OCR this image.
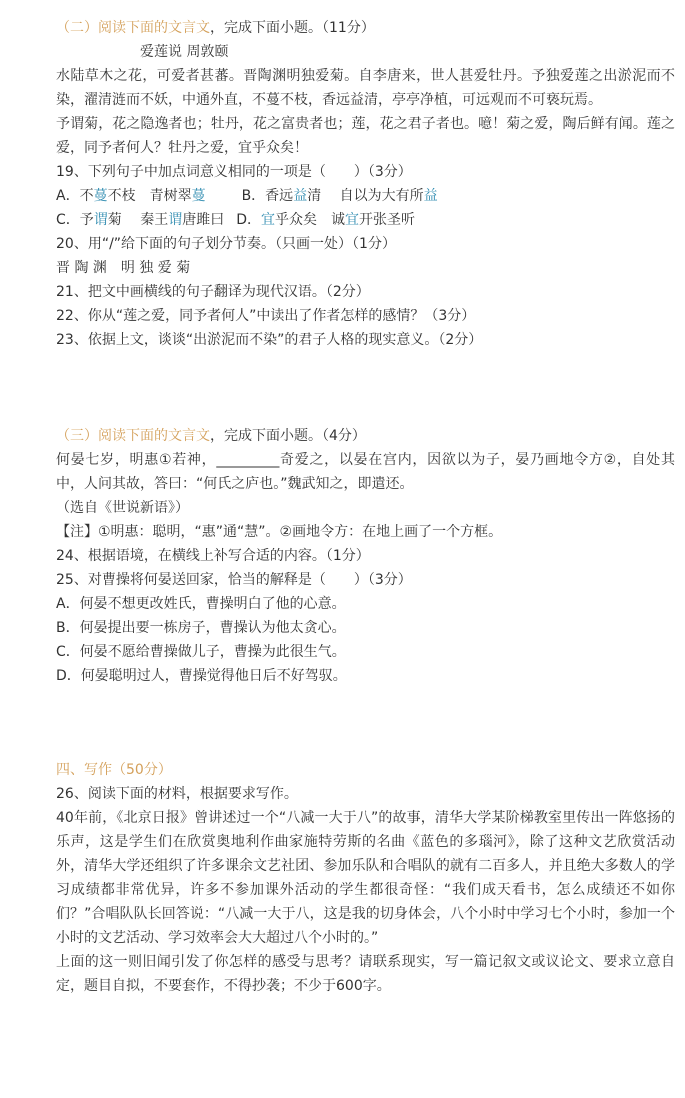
（二）阅读下面的文言文，完成下面小题。（11分）
爱莲说 周敦颐
水陆草木之花，可爱者甚蕃。晋陶渊明独爱菊。自李唐来，世人甚爱牡丹。予独爱莲之出淤泥而不染，濯清涟而不妖，中通外直，不蔓不枝，香远益清，亭亭净植，可远观而不可亵玩焉。
予谓菊，花之隐逸者也；牡丹，花之富贵者也；莲，花之君子者也。噫！菊之爱，陶后鲜有闻。莲之爱，同予者何人？牡丹之爱，宜乎众矣！
19、下列句子中加点词意义相同的一项是（　　）（3分）
A．不蔓不枝　青树翠蔓	B．香远益清　 自以为大有所益
C．予谓菊　 秦王谓唐雎曰 D．宜乎众矣　诚宜开张圣听
20、用“/”给下面的句子划分节奏。（只画一处）（1分）
晋 陶 渊　明 独 爱 菊
21、把文中画横线的句子翻译为现代汉语。（2分）
22、你从“莲之爱，同予者何人”中读出了作者怎样的感情？（3分）
23、依据上文，谈谈“出淤泥而不染”的君子人格的现实意义。（2分）
（三）阅读下面的文言文，完成下面小题。（4分）
何晏七岁，明惠①若神，_________奇爱之，以晏在宫内，因欲以为子，晏乃画地令方②，自处其中，人问其故，答曰：“何氏之庐也。”魏武知之，即遣还。
（选自《世说新语》）
【注】①明惠：聪明，“惠”通“慧”。②画地令方：在地上画了一个方框。
24、根据语境，在横线上补写合适的内容。（1分）
25、对曹操将何晏送回家，恰当的解释是（　　）（3分）
A．何晏不想更改姓氏，曹操明白了他的心意。
B．何晏提出要一栋房子，曹操认为他太贪心。
C．何晏不愿给曹操做儿子，曹操为此很生气。
D．何晏聪明过人，曹操觉得他日后不好驾驭。
四、写作（50分）
26、阅读下面的材料，根据要求写作。
40年前，《北京日报》曾讲述过一个“八减一大于八”的故事，清华大学某阶梯教室里传出一阵悠扬的乐声，这是学生们在欣赏奥地利作曲家施特劳斯的名曲《蓝色的多瑙河》，除了这种文艺欣赏活动外，清华大学还组织了许多课余文艺社团、参加乐队和合唱队的就有二百多人，并且绝大多数人的学习成绩都非常优异，许多不参加课外活动的学生都很奇怪：“我们成天看书，怎么成绩还不如你们？”合唱队队长回答说：“八减一大于八，这是我的切身体会，八个小时中学习七个小时，参加一个小时的文艺活动、学习效率会大大超过八个小时的。”
上面的这一则旧闻引发了你怎样的感受与思考？请联系现实，写一篇记叙文或议论文、要求立意自定，题目自拟，不要套作，不得抄袭；不少于600字。
